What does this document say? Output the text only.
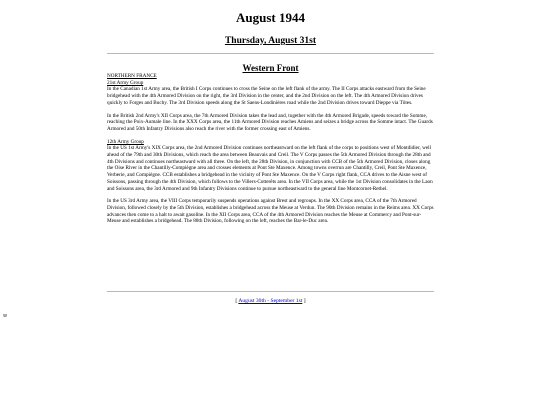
August 1944
Thursday, August 31st
Western Front
NORTHERN FRANCE
21st Army Group

In the Canadian 1st Army area, the British I Corps continues to cross the Seine on the left flank of the army. The II Corps attacks eastward from the Seine bridgehead with the 4th Armored Division on the right, the 3rd Division in the center, and the 2nd Division on the left. The 4th Armored Division drives quickly to Forges and Buchy. The 3rd Division speeds along the St Saens-Londinières road while the 2nd Division drives toward Dieppe via Tôtes.

In the British 2nd Army's XII Corps area, the 7th Armored Division takes the lead and, together with the 4th Armored Brigade, speeds toward the Somme, reaching the Poix-Aumale line. In the XXX Corps area, the 11th Armored Division reaches Amiens and seizes a bridge across the Somme intact. The Guards Armored and 50th Infantry Divisions also reach the river with the former crossing east of Amiens.

12th Army Group

In the US 1st Army's XIX Corps area, the 2nd Armored Division continues northeastward on the left flank of the corps to positions west of Montdidier, well ahead of the 79th and 30th Divisions, which reach the area between Beauvais and Creil. The V Corps passes the 5th Armored Division through the 28th and 4th Divisions and continues northeastward with all three. On the left, the 28th Division, in conjunction with CCB of the 5th Armored Division, closes along the Oise River in the Chantilly-Compiègne area and crosses elements at Pont Ste Maxence. Among towns overrun are Chantilly, Creil, Pont Ste Maxence, Verberie, and Compiègne. CCB establishes a bridgehead in the vicinity of Pont Ste Maxence. On the V Corps right flank, CCA drives to the Aisne west of Soissons, passing through the 4th Division, which follows to the Villers-Cotterêts area. In the VII Corps area, while the 1st Division consolidates in the Laon and Soissons area, the 3rd Armored and 9th Infantry Divisions continue to pursue northeastward to the general line Montcornet-Rethel.

In the US 3rd Army area, the VIII Corps temporarily suspends operations against Brest and regroups. In the XX Corps area, CCA of the 7th Armored Division, followed closely by the 5th Division, establishes a bridgehead across the Meuse at Verdun. The 90th Division remains in the Reims area. XX Corps advances then come to a halt to await gasoline. In the XII Corps area, CCA of the 4th Armored Division reaches the Meuse at Commercy and Pont-sur-Meuse and establishes a bridgehead. The 80th Division, following on the left, reaches the Bar-le-Duc area.

[ August 30th - September 1st ]
w
